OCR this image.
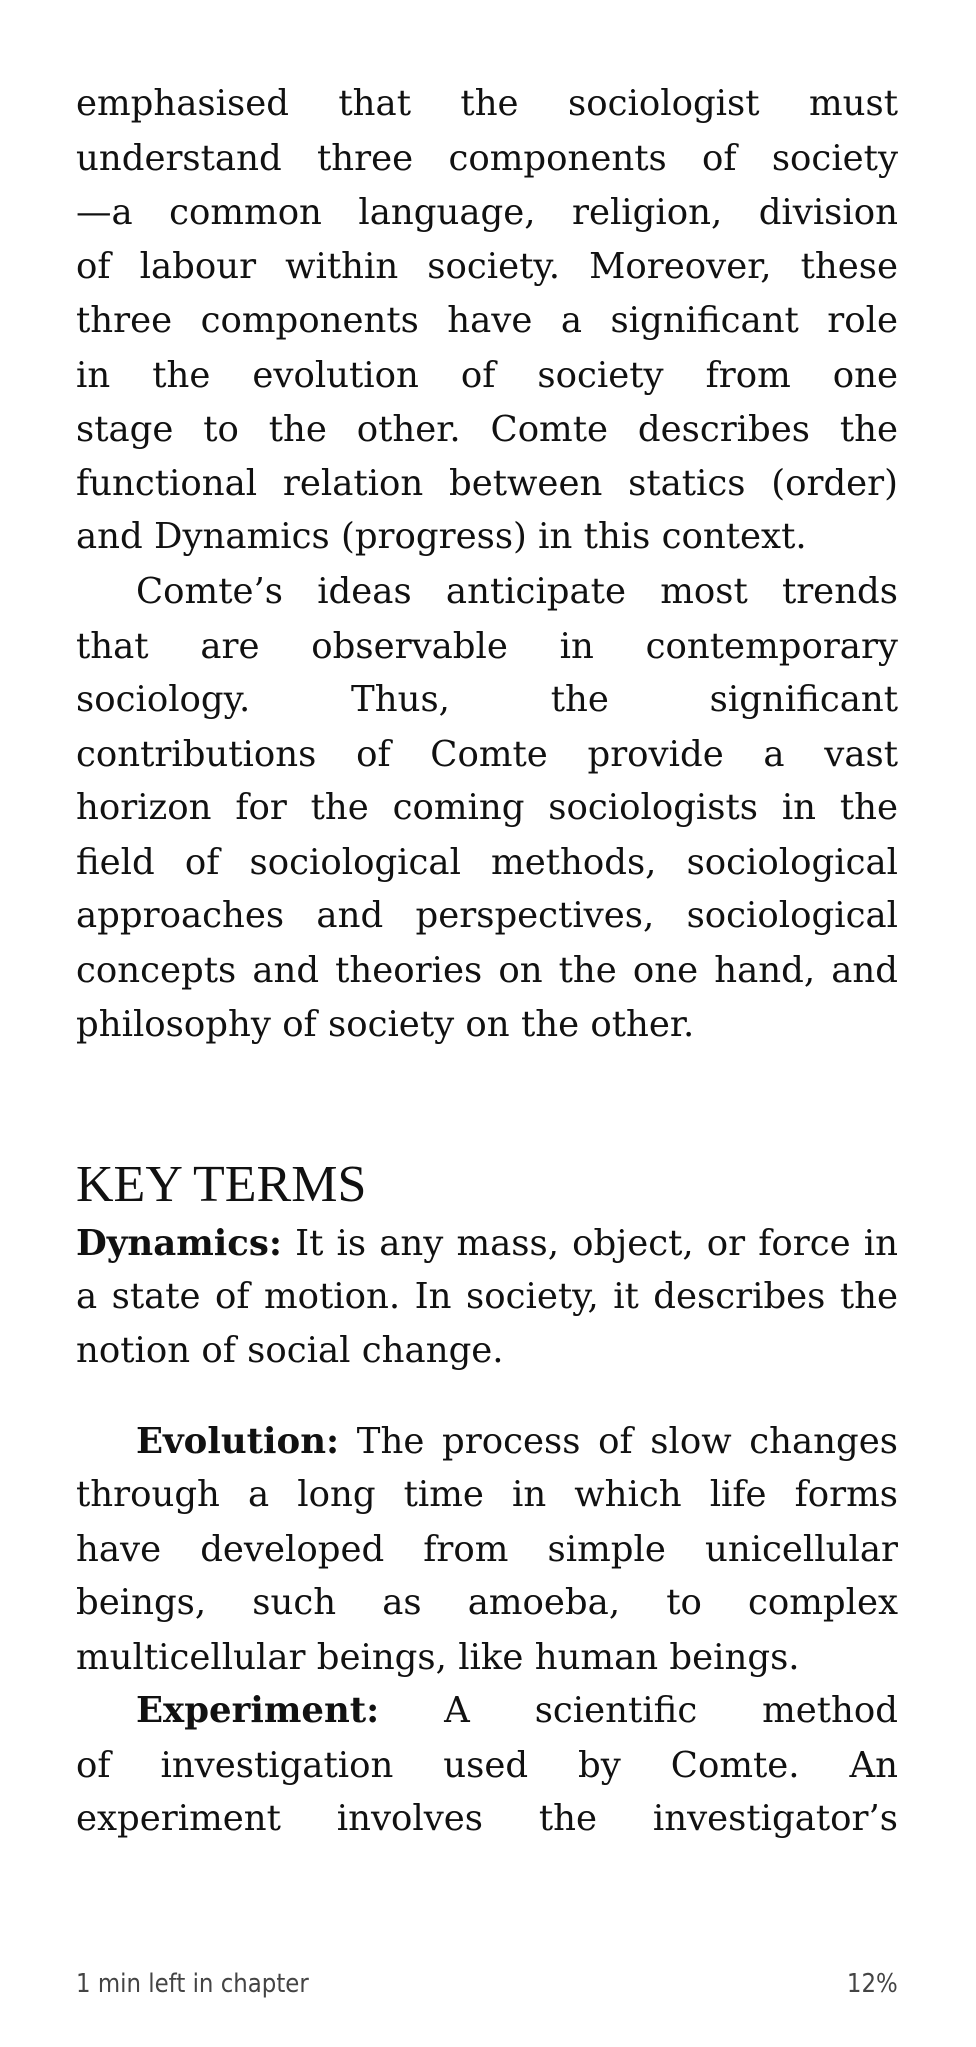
emphasised that the sociologist must
understand three components of society
—a common language, religion, division
of labour within society. Moreover, these
three components have a significant role
in the evolution of society from one
stage to the other. Comte describes the
functional relation between statics (order)
and Dynamics (progress) in this context.
Comte’s ideas anticipate most trends
that are observable in contemporary
sociology. Thus, the significant
contributions of Comte provide a vast
horizon for the coming sociologists in the
field of sociological methods, sociological
approaches and perspectives, sociological
concepts and theories on the one hand, and
philosophy of society on the other.
Dynamics: It is any mass, object, or force in
a state of motion. In society, it describes the
notion of social change.
Evolution: The process of slow changes
through a long time in which life forms
have developed from simple unicellular
beings, such as amoeba, to complex
multicellular beings, like human beings.
Experiment: A scientific method
of investigation used by Comte. An
experiment involves the investigator’s
KEY TERMS
1 min left in chapter	12%
